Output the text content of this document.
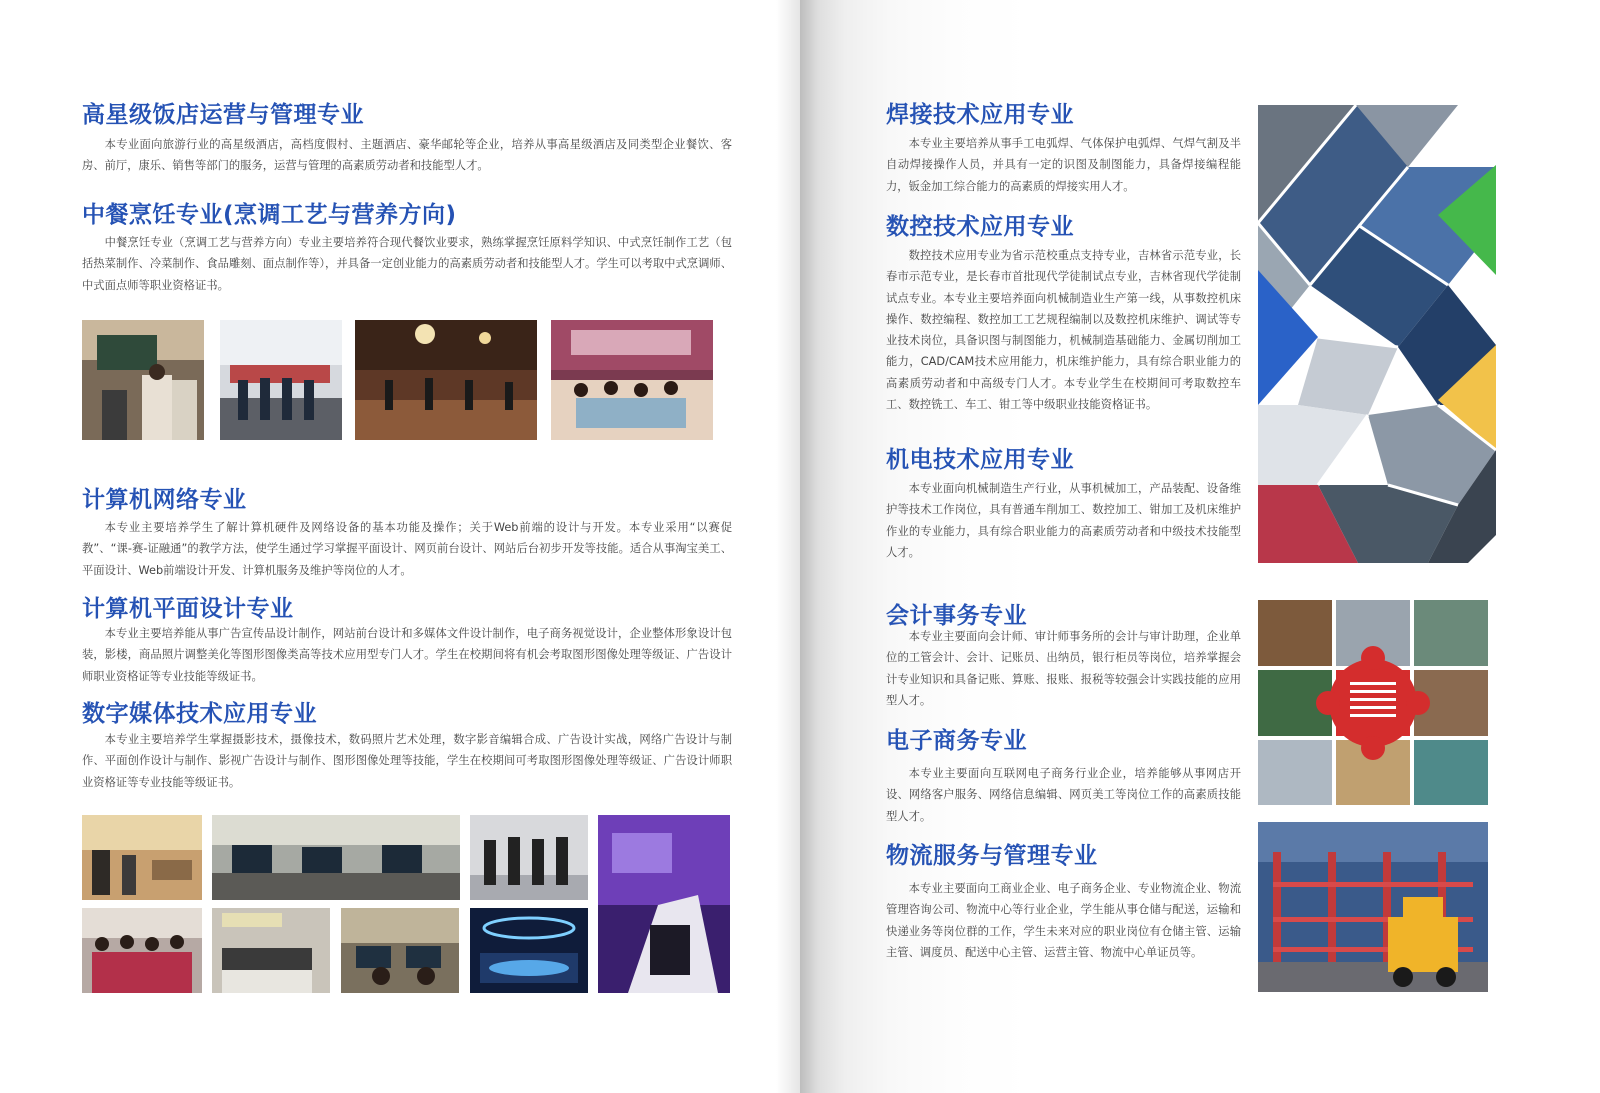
高星级饭店运营与管理专业

本专业面向旅游行业的高星级酒店，高档度假村、主题酒店、豪华邮轮等企业，培养从事高星级酒店及同类型企业餐饮、客房、前厅，康乐、销售等部门的服务，运营与管理的高素质劳动者和技能型人才。

中餐烹饪专业(烹调工艺与营养方向)

中餐烹饪专业（烹调工艺与营养方向）专业主要培养符合现代餐饮业要求，熟练掌握烹饪原料学知识、中式烹饪制作工艺（包括热菜制作、冷菜制作、食品雕刻、面点制作等），并具备一定创业能力的高素质劳动者和技能型人才。学生可以考取中式烹调师、中式面点师等职业资格证书。

计算机网络专业

本专业主要培养学生了解计算机硬件及网络设备的基本功能及操作；关于Web前端的设计与开发。本专业采用“以赛促教”、“课-赛-证融通”的教学方法，使学生通过学习掌握平面设计、网页前台设计、网站后台初步开发等技能。适合从事淘宝美工、平面设计、Web前端设计开发、计算机服务及维护等岗位的人才。

计算机平面设计专业

本专业主要培养能从事广告宣传品设计制作，网站前台设计和多媒体文件设计制作，电子商务视觉设计，企业整体形象设计包装，影楼，商品照片调整美化等图形图像类高等技术应用型专门人才。学生在校期间将有机会考取图形图像处理等级证、广告设计师职业资格证等专业技能等级证书。

数字媒体技术应用专业

本专业主要培养学生掌握摄影技术，摄像技术，数码照片艺术处理，数字影音编辑合成、广告设计实战，网络广告设计与制作、平面创作设计与制作、影视广告设计与制作、图形图像处理等技能，学生在校期间可考取图形图像处理等级证、广告设计师职业资格证等专业技能等级证书。

焊接技术应用专业

本专业主要培养从事手工电弧焊、气体保护电弧焊、气焊气割及半自动焊接操作人员，并具有一定的识图及制图能力，具备焊接编程能力，钣金加工综合能力的高素质的焊接实用人才。

数控技术应用专业

数控技术应用专业为省示范校重点支持专业，吉林省示范专业，长春市示范专业，是长春市首批现代学徒制试点专业，吉林省现代学徒制试点专业。本专业主要培养面向机械制造业生产第一线，从事数控机床操作、数控编程、数控加工工艺规程编制以及数控机床维护、调试等专业技术岗位，具备识图与制图能力，机械制造基础能力、金属切削加工能力，CAD/CAM技术应用能力，机床维护能力，具有综合职业能力的高素质劳动者和中高级专门人才。本专业学生在校期间可考取数控车工、数控铣工、车工、钳工等中级职业技能资格证书。

机电技术应用专业

本专业面向机械制造生产行业，从事机械加工，产品装配、设备维护等技术工作岗位，具有普通车削加工、数控加工、钳加工及机床维护作业的专业能力，具有综合职业能力的高素质劳动者和中级技术技能型人才。

会计事务专业

本专业主要面向会计师、审计师事务所的会计与审计助理，企业单位的工管会计、会计、记账员、出纳员，银行柜员等岗位，培养掌握会计专业知识和具备记账、算账、报账、报税等较强会计实践技能的应用型人才。

电子商务专业

本专业主要面向互联网电子商务行业企业，培养能够从事网店开设、网络客户服务、网络信息编辑、网页美工等岗位工作的高素质技能型人才。

物流服务与管理专业

本专业主要面向工商业企业、电子商务企业、专业物流企业、物流管理咨询公司、物流中心等行业企业，学生能从事仓储与配送，运输和快递业务等岗位群的工作，学生未来对应的职业岗位有仓储主管、运输主管、调度员、配送中心主管、运营主管、物流中心单证员等。
